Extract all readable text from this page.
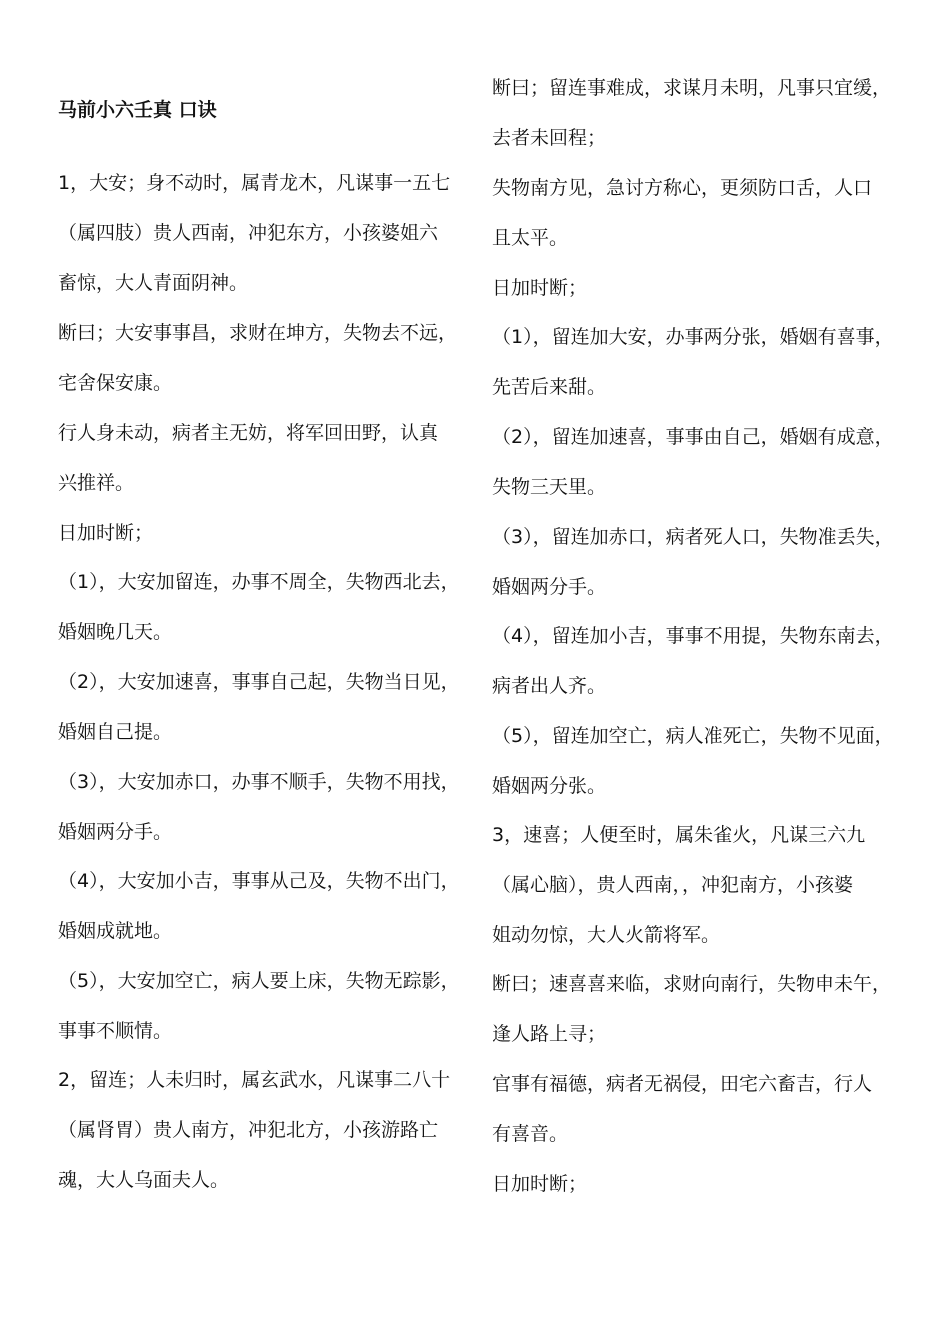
马前小六壬真 口诀
1，大安；身不动时，属青龙木，凡谋事一五七
（属四肢）贵人西南，冲犯东方，小孩婆姐六
畜惊，大人青面阴神。
断曰；大安事事昌，求财在坤方，失物去不远，
宅舍保安康。
行人身未动，病者主无妨，将军回田野，认真
兴推祥。
日加时断；
（1），大安加留连，办事不周全，失物西北去，
婚姻晚几天。
（2），大安加速喜，事事自己起，失物当日见，
婚姻自己提。
（3），大安加赤口，办事不顺手，失物不用找，
婚姻两分手。
（4），大安加小吉，事事从己及，失物不出门，
婚姻成就地。
（5），大安加空亡，病人要上床，失物无踪影，
事事不顺情。
2，留连；人未归时，属玄武水，凡谋事二八十
（属肾胃）贵人南方，冲犯北方，小孩游路亡
魂，大人乌面夫人。
断曰；留连事难成，求谋月未明，凡事只宜缓，
去者未回程；
失物南方见，急讨方称心，更须防口舌，人口
且太平。
日加时断；
（1），留连加大安，办事两分张，婚姻有喜事，
先苦后来甜。
（2），留连加速喜，事事由自己，婚姻有成意，
失物三天里。
（3），留连加赤口，病者死人口，失物准丢失，
婚姻两分手。
（4），留连加小吉，事事不用提，失物东南去，
病者出人齐。
（5），留连加空亡，病人准死亡，失物不见面，
婚姻两分张。
3，速喜；人便至时，属朱雀火，凡谋三六九
（属心脑），贵人西南，，冲犯南方，小孩婆
姐动勿惊，大人火箭将军。
断曰；速喜喜来临，求财向南行，失物申未午，
逢人路上寻；
官事有福德，病者无祸侵，田宅六畜吉，行人
有喜音。
日加时断；
